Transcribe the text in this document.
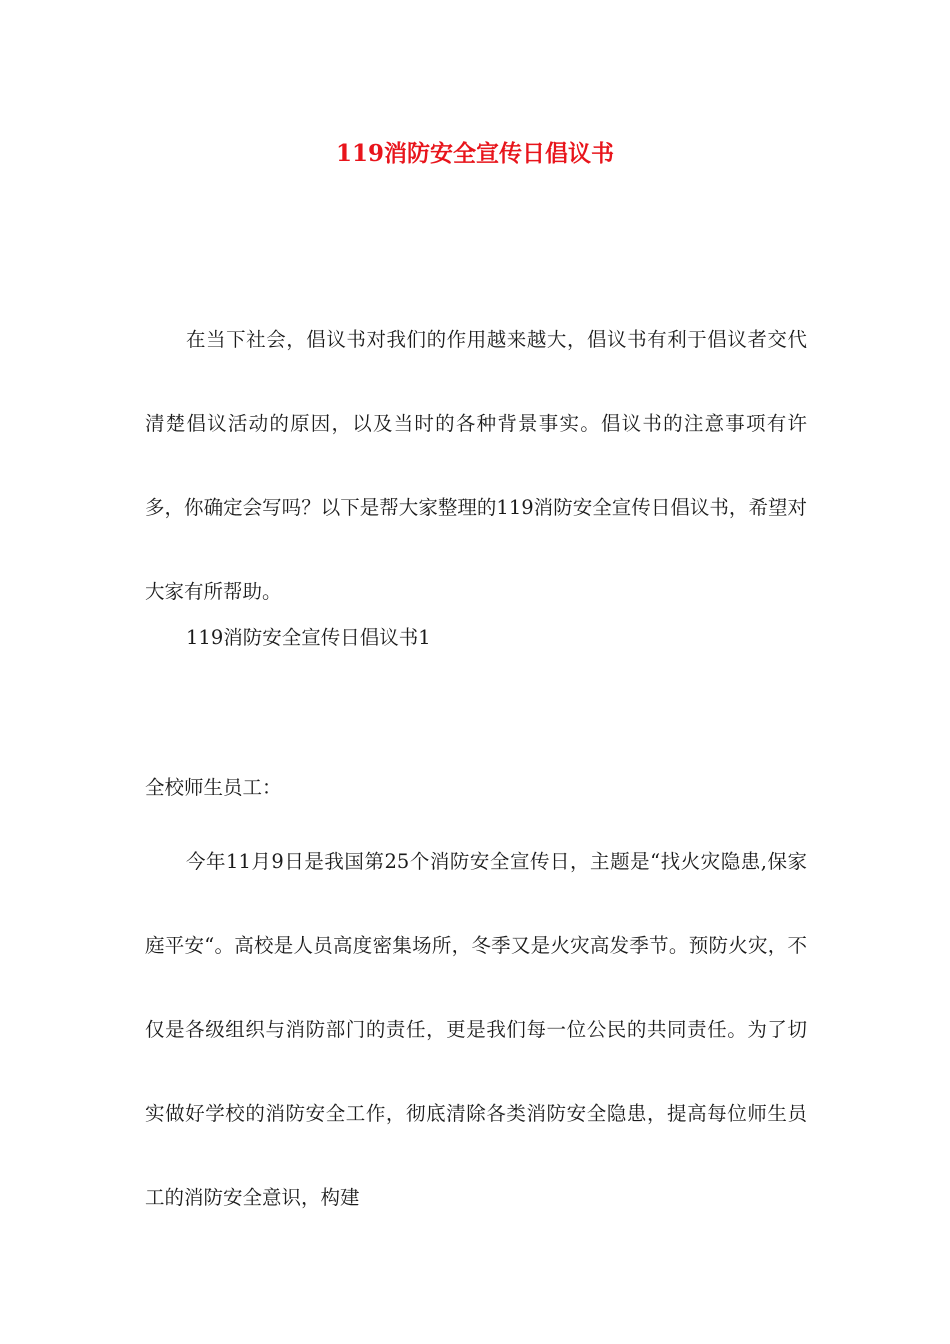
119消防安全宣传日倡议书

在当下社会，倡议书对我们的作用越来越大，倡议书有利于倡议者交代清楚倡议活动的原因，以及当时的各种背景事实。倡议书的注意事项有许多，你确定会写吗？以下是帮大家整理的119消防安全宣传日倡议书，希望对大家有所帮助。

119消防安全宣传日倡议书1

全校师生员工：

今年11月9日是我国第25个消防安全宣传日，主题是“找火灾隐患,保家庭平安“。高校是人员高度密集场所，冬季又是火灾高发季节。预防火灾，不仅是各级组织与消防部门的责任，更是我们每一位公民的共同责任。为了切实做好学校的消防安全工作，彻底清除各类消防安全隐患，提高每位师生员工的消防安全意识，构建
